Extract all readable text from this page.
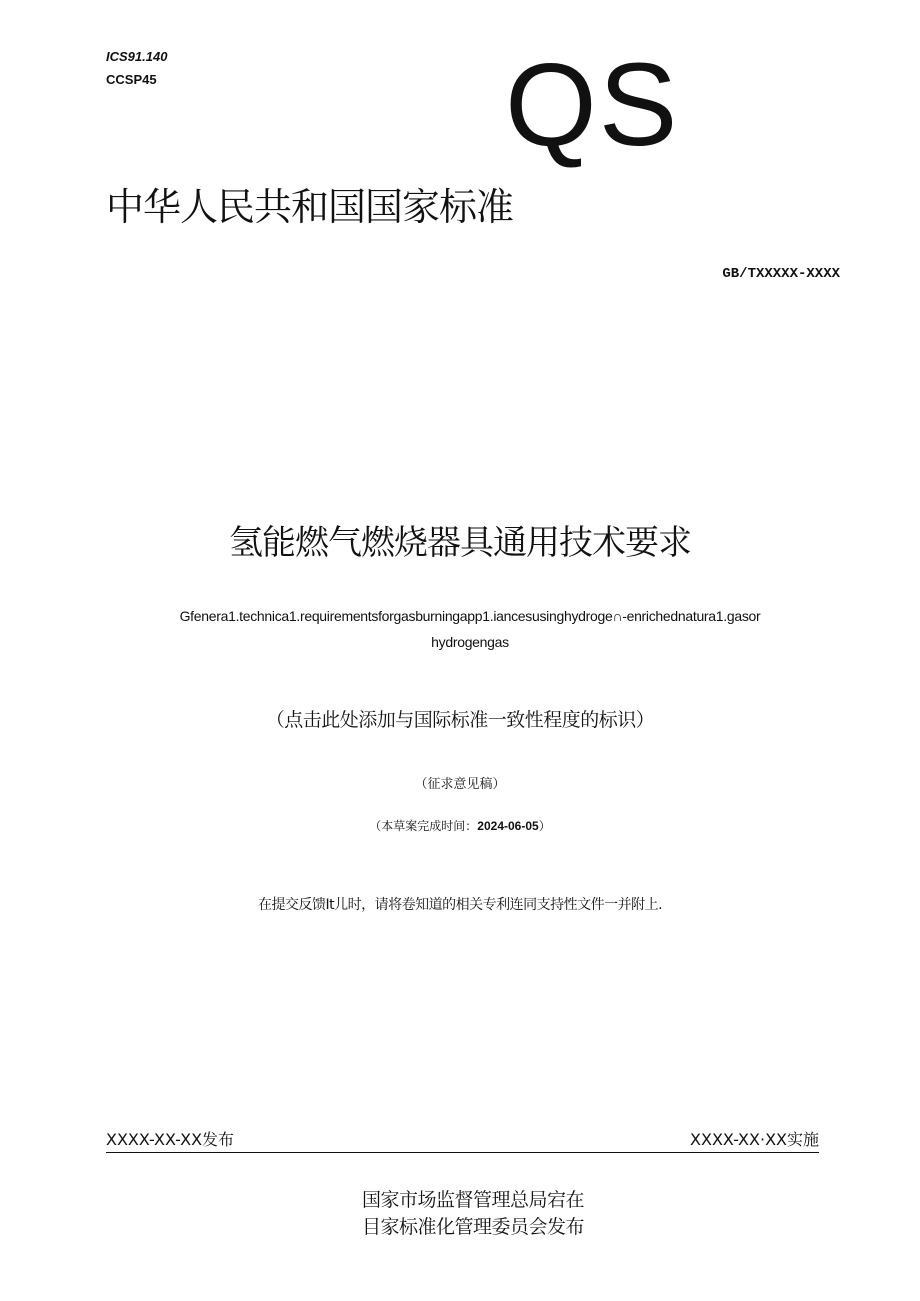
ICS91.140
CCSP45	QS
中华人民共和国国家标准
GB/TXXXXX-XXXX
氢能燃气燃烧器具通用技术要求
Gfenera1.technica1.requirementsforgasburningapp1.iancesusinghydroge∩-enrichednatura1.gasor
hydrogengas
（点击此处添加与国际标准一致性程度的标识）
（征求意见稿）
（本草案完成时间：2024-06-05）
在提交反馈It儿时，请将卷知道的相关专利连同支持性文件一并附上.
XXXX-XX-XX发布	XXXX-XX·XX实施
国家市场监督管理总局宕在
目家标准化管理委员会发布
